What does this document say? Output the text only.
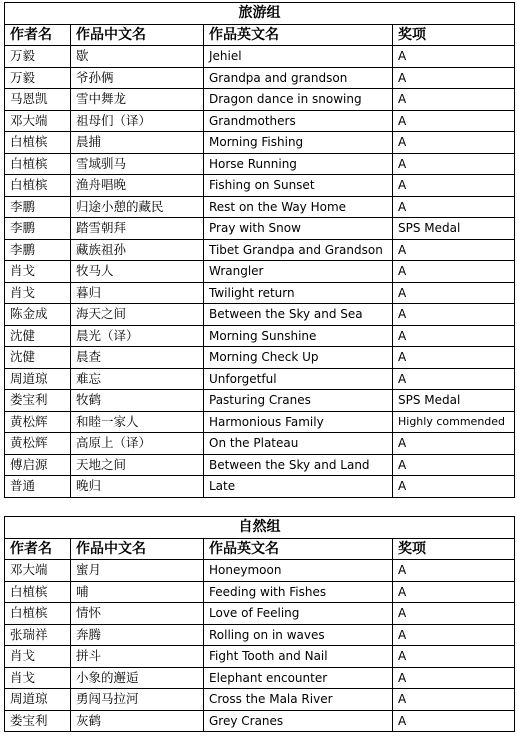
旅游组			
作者名	作品中文名	作品英文名	奖项
万毅	歇	Jehiel	A
万毅	爷孙俩	Grandpa and grandson	A
马恩凯	雪中舞龙	Dragon dance in snowing	A
邓大端	祖母们（译）	Grandmothers	A
白植槟	晨捕	Morning Fishing	A
白植槟	雪域驯马	Horse Running	A
白植槟	渔舟唱晚	Fishing on Sunset	A
李鹏	归途小憩的藏民	Rest on the Way Home	A
李鹏	踏雪朝拜	Pray with Snow	SPS Medal
李鹏	藏族祖孙	Tibet Grandpa and Grandson	A
肖戈	牧马人	Wrangler	A
肖戈	暮归	Twilight return	A
陈金成	海天之间	Between the Sky and Sea	A
沈健	晨光（译）	Morning Sunshine	A
沈健	晨查	Morning Check Up	A
周道琼	难忘	Unforgetful	A
娄宝利	牧鹤	Pasturing Cranes	SPS Medal
黄松辉	和睦一家人	Harmonious Family	Highly commended
黄松辉	高原上（译）	On the Plateau	A
傅启源	天地之间	Between the Sky and Land	A
普通	晚归	Late	A
自然组			
作者名	作品中文名	作品英文名	奖项
邓大端	蜜月	Honeymoon	A
白植槟	哺	Feeding with Fishes	A
白植槟	情怀	Love of Feeling	A
张瑞祥	奔腾	Rolling on in waves	A
肖戈	拼斗	Fight Tooth and Nail	A
肖戈	小象的邂逅	Elephant encounter	A
周道琼	勇闯马拉河	Cross the Mala River	A
娄宝利	灰鹤	Grey Cranes	A
